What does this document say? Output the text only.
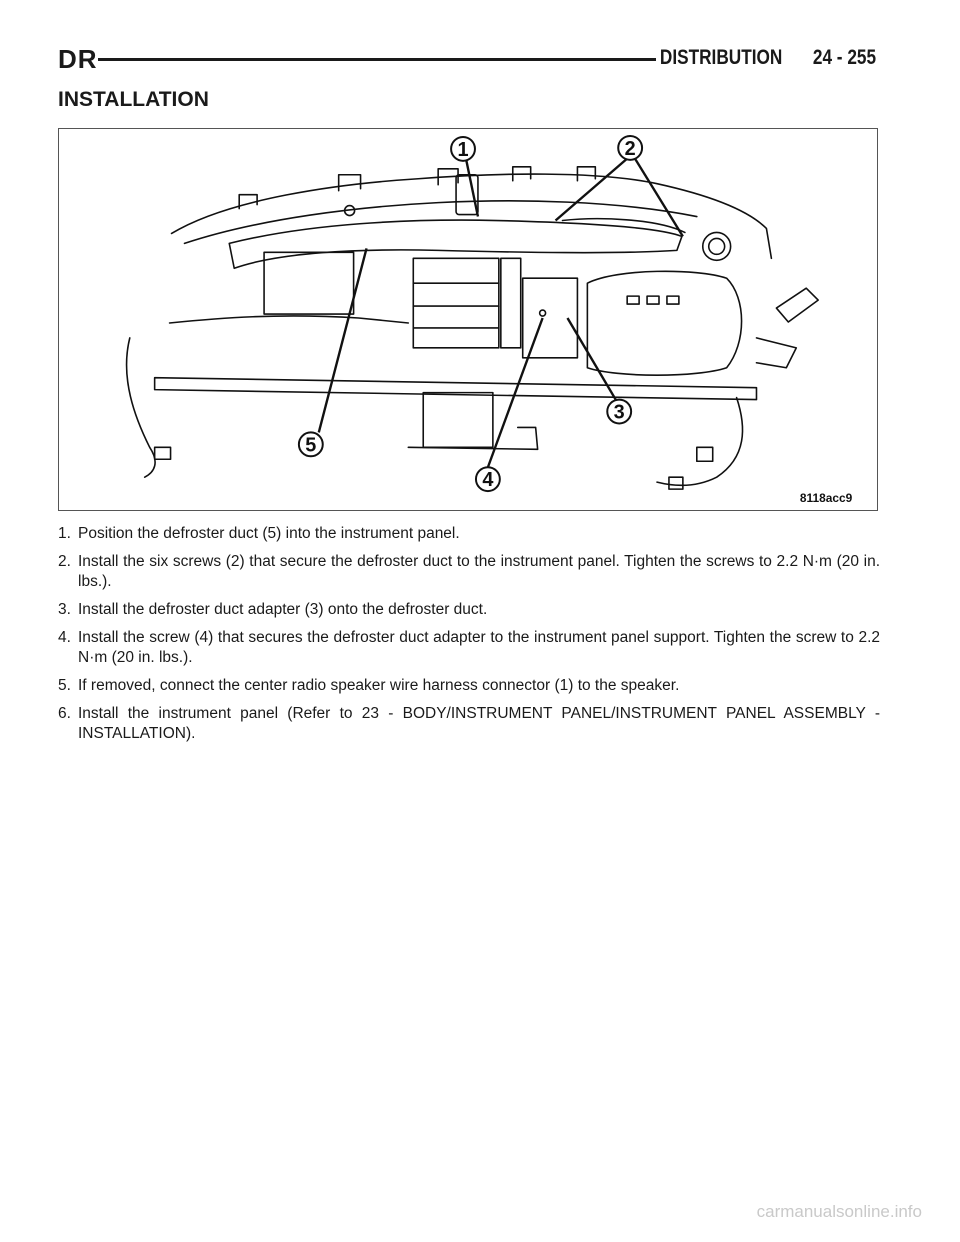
DR	DISTRIBUTION 24 - 255
INSTALLATION
1	2
3
4
5
8118acc9
1. Position the defroster duct (5) into the instrument panel.
2. Install the six screws (2) that secure the defroster duct to the instrument panel. Tighten the screws to 2.2 N·m (20 in. lbs.).
3. Install the defroster duct adapter (3) onto the defroster duct.
4. Install the screw (4) that secures the defroster duct adapter to the instrument panel support. Tighten the screw to 2.2 N·m (20 in. lbs.).
5. If removed, connect the center radio speaker wire harness connector (1) to the speaker.
6. Install the instrument panel (Refer to 23 - BODY/INSTRUMENT PANEL/INSTRUMENT PANEL ASSEMBLY - INSTALLATION).
carmanualsonline.info
